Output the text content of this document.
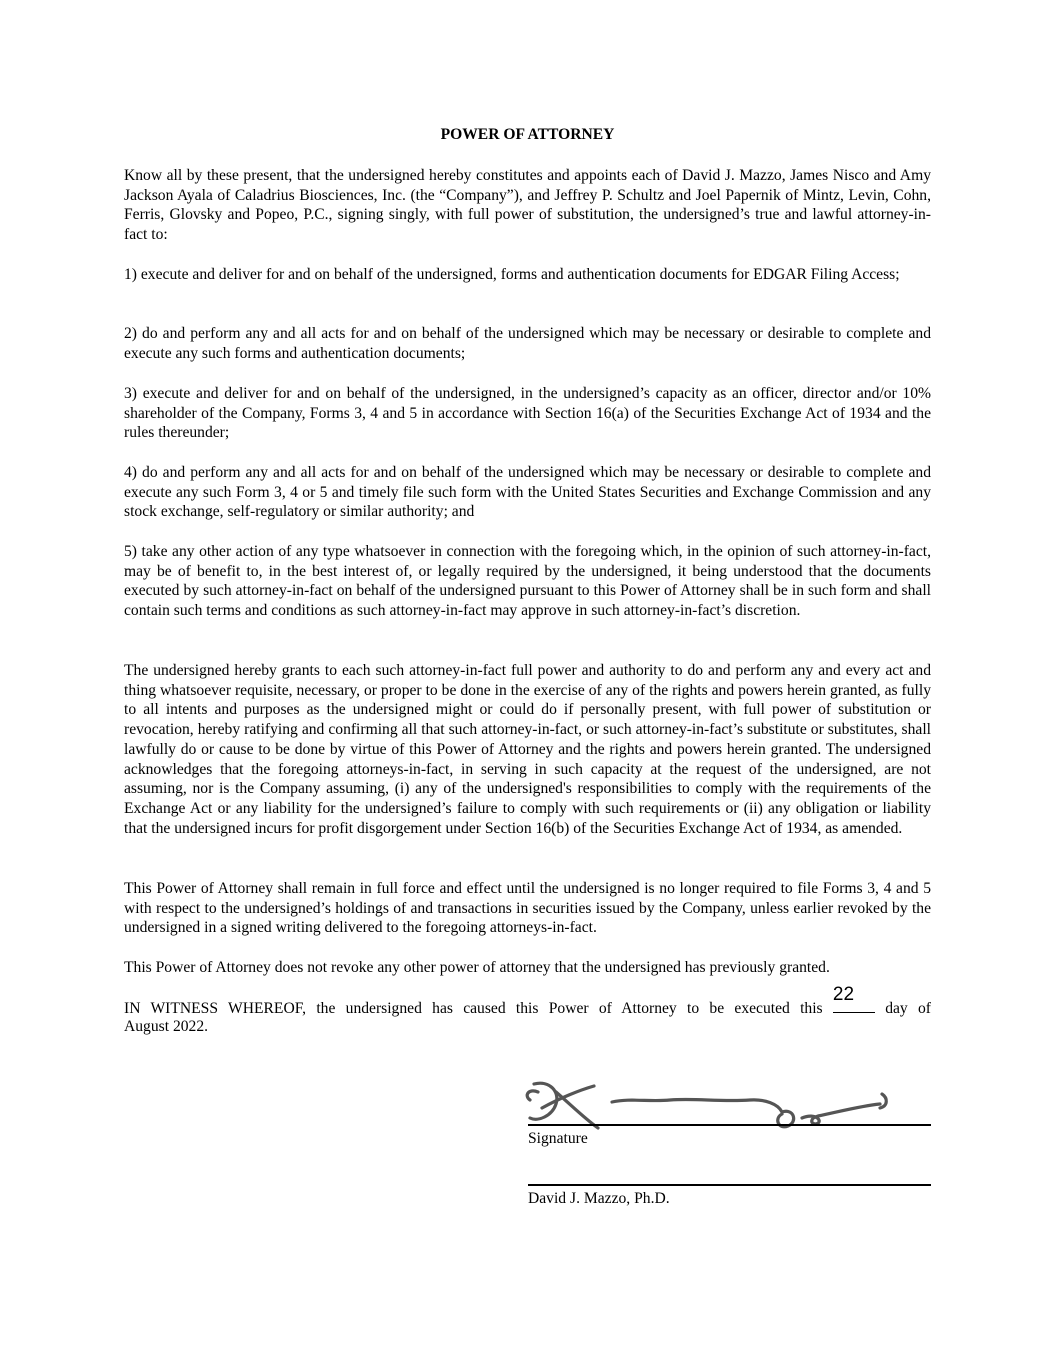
POWER OF ATTORNEY

Know all by these present, that the undersigned hereby constitutes and appoints each of David J. Mazzo, James Nisco and Amy Jackson Ayala of Caladrius Biosciences, Inc. (the “Company”), and Jeffrey P. Schultz and Joel Papernik of Mintz, Levin, Cohn, Ferris, Glovsky and Popeo, P.C., signing singly, with full power of substitution, the undersigned’s true and lawful attorney-in-fact to:

1) execute and deliver for and on behalf of the undersigned, forms and authentication documents for EDGAR Filing Access;

2) do and perform any and all acts for and on behalf of the undersigned which may be necessary or desirable to complete and execute any such forms and authentication documents;

3) execute and deliver for and on behalf of the undersigned, in the undersigned’s capacity as an officer, director and/or 10% shareholder of the Company, Forms 3, 4 and 5 in accordance with Section 16(a) of the Securities Exchange Act of 1934 and the rules thereunder;

4) do and perform any and all acts for and on behalf of the undersigned which may be necessary or desirable to complete and execute any such Form 3, 4 or 5 and timely file such form with the United States Securities and Exchange Commission and any stock exchange, self-regulatory or similar authority; and

5) take any other action of any type whatsoever in connection with the foregoing which, in the opinion of such attorney-in-fact, may be of benefit to, in the best interest of, or legally required by the undersigned, it being understood that the documents executed by such attorney-in-fact on behalf of the undersigned pursuant to this Power of Attorney shall be in such form and shall contain such terms and conditions as such attorney-in-fact may approve in such attorney-in-fact’s discretion.

The undersigned hereby grants to each such attorney-in-fact full power and authority to do and perform any and every act and thing whatsoever requisite, necessary, or proper to be done in the exercise of any of the rights and powers herein granted, as fully to all intents and purposes as the undersigned might or could do if personally present, with full power of substitution or revocation, hereby ratifying and confirming all that such attorney-in-fact, or such attorney-in-fact’s substitute or substitutes, shall lawfully do or cause to be done by virtue of this Power of Attorney and the rights and powers herein granted. The undersigned acknowledges that the foregoing attorneys-in-fact, in serving in such capacity at the request of the undersigned, are not assuming, nor is the Company assuming, (i) any of the undersigned's responsibilities to comply with the requirements of the Exchange Act or any liability for the undersigned’s failure to comply with such requirements or (ii) any obligation or liability that the undersigned incurs for profit disgorgement under Section 16(b) of the Securities Exchange Act of 1934, as amended.

This Power of Attorney shall remain in full force and effect until the undersigned is no longer required to file Forms 3, 4 and 5 with respect to the undersigned’s holdings of and transactions in securities issued by the Company, unless earlier revoked by the undersigned in a signed writing delivered to the foregoing attorneys-in-fact.

This Power of Attorney does not revoke any other power of attorney that the undersigned has previously granted.

IN WITNESS WHEREOF, the undersigned has caused this Power of Attorney to be executed this
22
day of

August 2022.

Signature
David J. Mazzo, Ph.D.
